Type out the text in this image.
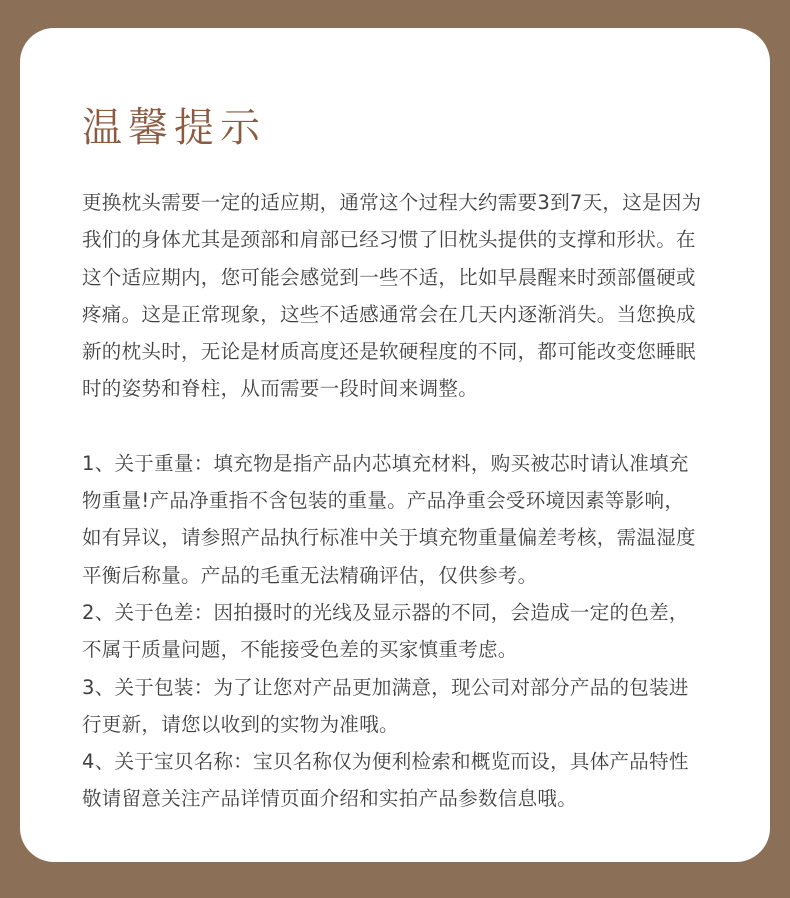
温馨提示

更换枕头需要一定的适应期，通常这个过程大约需要3到7天，这是因为我们的身体尤其是颈部和肩部已经习惯了旧枕头提供的支撑和形状。在这个适应期内，您可能会感觉到一些不适，比如早晨醒来时颈部僵硬或疼痛。这是正常现象，这些不适感通常会在几天内逐渐消失。当您换成新的枕头时，无论是材质高度还是软硬程度的不同，都可能改变您睡眠时的姿势和脊柱，从而需要一段时间来调整。

1、关于重量：填充物是指产品内芯填充材料，购买被芯时请认准填充物重量!产品净重指不含包装的重量。产品净重会受环境因素等影响，如有异议，请参照产品执行标准中关于填充物重量偏差考核，需温湿度平衡后称量。产品的毛重无法精确评估，仅供参考。
2、关于色差：因拍摄时的光线及显示器的不同，会造成一定的色差，不属于质量问题，不能接受色差的买家慎重考虑。
3、关于包装：为了让您对产品更加满意，现公司对部分产品的包装进行更新，请您以收到的实物为准哦。
4、关于宝贝名称：宝贝名称仅为便利检索和概览而设，具体产品特性敬请留意关注产品详情页面介绍和实拍产品参数信息哦。
